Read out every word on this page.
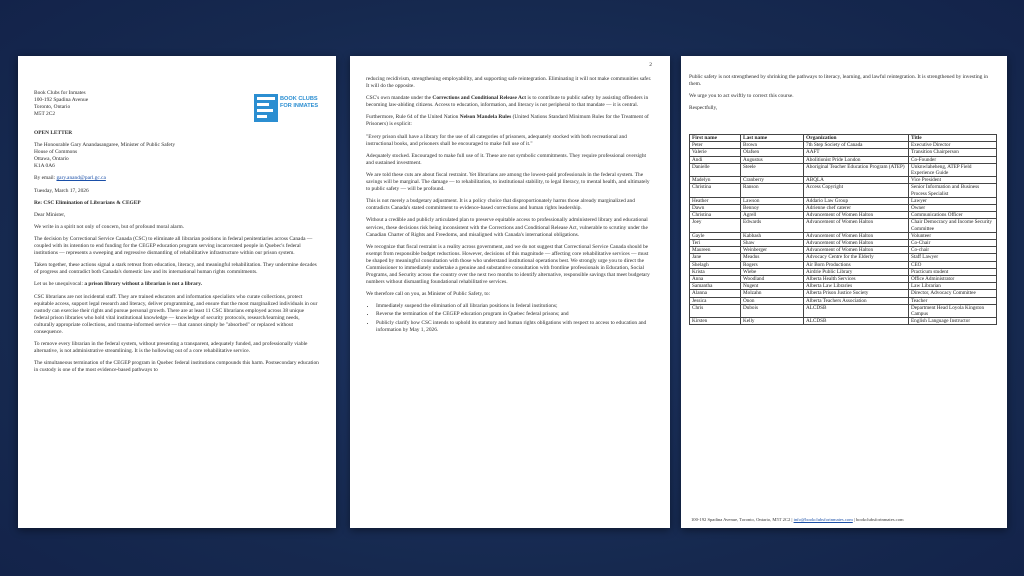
Book Clubs for Inmates
100-192 Spadina Avenue
Toronto, Ontario
M5T 2C2
BOOK CLUBS FOR INMATES

OPEN LETTER

The Honourable Gary Anandasangaree, Minister of Public Safety
House of Commons
Ottawa, Ontario
K1A 0A6

By email: gary.anand@parl.gc.ca

Tuesday, March 17, 2026

Re: CSC Elimination of Librarians & CEGEP

Dear Minister,

We write in a spirit not only of concern, but of profound moral alarm.

The decision by Correctional Service Canada (CSC) to eliminate all librarian positions in federal penitentiaries across Canada — coupled with its intention to end funding for the CEGEP education program serving incarcerated people in Quebec's federal institutions — represents a sweeping and regressive dismantling of rehabilitative infrastructure within our prison system.

Taken together, these actions signal a stark retreat from education, literacy, and meaningful rehabilitation. They undermine decades of progress and contradict both Canada's domestic law and its international human rights commitments.

Let us be unequivocal: a prison library without a librarian is not a library.

CSC librarians are not incidental staff. They are trained educators and information specialists who curate collections, protect equitable access, support legal research and literacy, deliver programming, and ensure that the most marginalized individuals in our custody can exercise their rights and pursue personal growth. There are at least 11 CSC librarians employed across 38 unique federal prison libraries who hold vital institutional knowledge — knowledge of security protocols, research/learning needs, culturally appropriate collections, and trauma-informed service — that cannot simply be "absorbed" or replaced without consequence.

To remove every librarian in the federal system, without presenting a transparent, adequately funded, and professionally viable alternative, is not administrative streamlining. It is the hollowing out of a core rehabilitative service.

The simultaneous termination of the CEGEP program in Quebec federal institutions compounds this harm. Postsecondary education in custody is one of the most evidence-based pathways to

2

reducing recidivism, strengthening employability, and supporting safe reintegration. Eliminating it will not make communities safer. It will do the opposite.

CSC's own mandate under the Corrections and Conditional Release Act is to contribute to public safety by assisting offenders in becoming law-abiding citizens. Access to education, information, and literacy is not peripheral to that mandate — it is central.

Furthermore, Rule 64 of the United Nation Nelson Mandela Rules (United Nations Standard Minimum Rules for the Treatment of Prisoners) is explicit:

"Every prison shall have a library for the use of all categories of prisoners, adequately stocked with both recreational and instructional books, and prisoners shall be encouraged to make full use of it."

Adequately stocked. Encouraged to make full use of it. These are not symbolic commitments. They require professional oversight and sustained investment.

We are told these cuts are about fiscal restraint. Yet librarians are among the lowest-paid professionals in the federal system. The savings will be marginal. The damage — to rehabilitation, to institutional stability, to legal literacy, to mental health, and ultimately to public safety — will be profound.

This is not merely a budgetary adjustment. It is a policy choice that disproportionately harms those already marginalized and contradicts Canada's stated commitment to evidence-based corrections and human rights leadership.

Without a credible and publicly articulated plan to preserve equitable access to professionally administered library and educational services, these decisions risk being inconsistent with the Corrections and Conditional Release Act, vulnerable to scrutiny under the Canadian Charter of Rights and Freedoms, and misaligned with Canada's international obligations.

We recognize that fiscal restraint is a reality across government, and we do not suggest that Correctional Service Canada should be exempt from responsible budget reductions. However, decisions of this magnitude — affecting core rehabilitative services — must be shaped by meaningful consultation with those who understand institutional operations best. We strongly urge you to direct the Commissioner to immediately undertake a genuine and substantive consultation with frontline professionals in Education, Social Programs, and Security across the country over the next two months to identify alternative, responsible savings that meet budgetary numbers without dismantling foundational rehabilitative services.

We therefore call on you, as Minister of Public Safety, to:

• Immediately suspend the elimination of all librarian positions in federal institutions;
• Reverse the termination of the CEGEP education program in Quebec federal prisons; and
• Publicly clarify how CSC intends to uphold its statutory and human rights obligations with respect to access to education and information by May 1, 2026.

Public safety is not strengthened by shrinking the pathways to literacy, learning, and lawful reintegration. It is strengthened by investing in them.

We urge you to act swiftly to correct this course.

Respectfully,

First name	Last name	Organization	Title
Peter	Brown	7th Step Society of Canada	Executive Director
Valerie	Olafsen	AAFT	Transition Chairperson
Andi	Augustus	Abolitionist Pride London	Co-Founder
Danielle	Steele	Aboriginal Teacher Education Program (ATEP)	Unknwlaheheng, ATEP Field Experience Guide
Madelyn	Cranberry	ABQLA	Vice President
Christina	Ranson	Access Copyright	Senior Information and Business Process Specialist
Heather	Lawson	Addario Law Group	Lawyer
Dawn	Bennoy	Adrienne chef caterer	Owner
Christina	Agrell	Advancement of Women Halton	Communications Officer
Joey	Edwards	Advancement of Women Halton	Chair Democracy and Income Security Committee
Gayle	Kabbash	Advancement of Women Halton	Volunteer
Teri	Shaw	Advancement of Women Halton	Co-Chair
Maureen	Weinberger	Advancement of Women Halton	Co-chair
Jane	Meadus	Advocacy Centre for the Elderly	Staff Lawyer
Shelagh	Rogers	Air Born Productions	CEO
Krista	Wiebe	Airdrie Public Library	Practicum student
Anna	Woodland	Alberta Health Services	Office Administrator
Samantha	Nugent	Alberta Law Libraries	Law Librarian
Alanna	Molzahn	Alberta Prison Justice Society	Director, Advocacy Committee
Jessica	Onon	Alberta Teachers Association	Teacher
Chris	Dubois	ALCDSB	Department Head Loyola Kingston Campus
Kirsten	Kelly	ALCDSB	English Language Instructor
100-192 Spadina Avenue, Toronto, Ontario, M5T 2C2 | info@bookclubsforinmates.com | bookclubsforinmates.com
